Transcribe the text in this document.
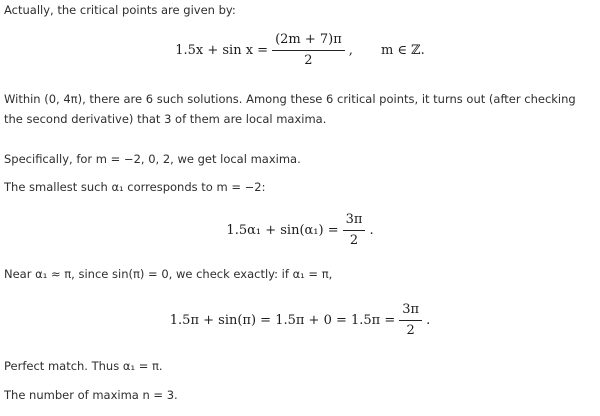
Actually, the critical points are given by:
$1.5x + \sin x = \frac{(2m + 7)\pi}{2}$ , m ∈ ℤ.
Within (0, 4π), there are 6 such solutions. Among these 6 critical points, it turns out (after checking the second derivative) that 3 of them are local maxima.
Specifically, for m = −2, 0, 2, we get local maxima.
The smallest such α₁ corresponds to m = −2:
$1.5\alpha_1 + \sin(\alpha_1) = \frac{3\pi}{2}$ .
Near α₁ ≈ π, since sin(π) = 0, we check exactly: if α₁ = π,
$1.5\pi + \sin(\pi) = 1.5\pi + 0 = 1.5\pi = \frac{3\pi}{2}$ .
Perfect match. Thus α₁ = π.
The number of maxima n = 3.
